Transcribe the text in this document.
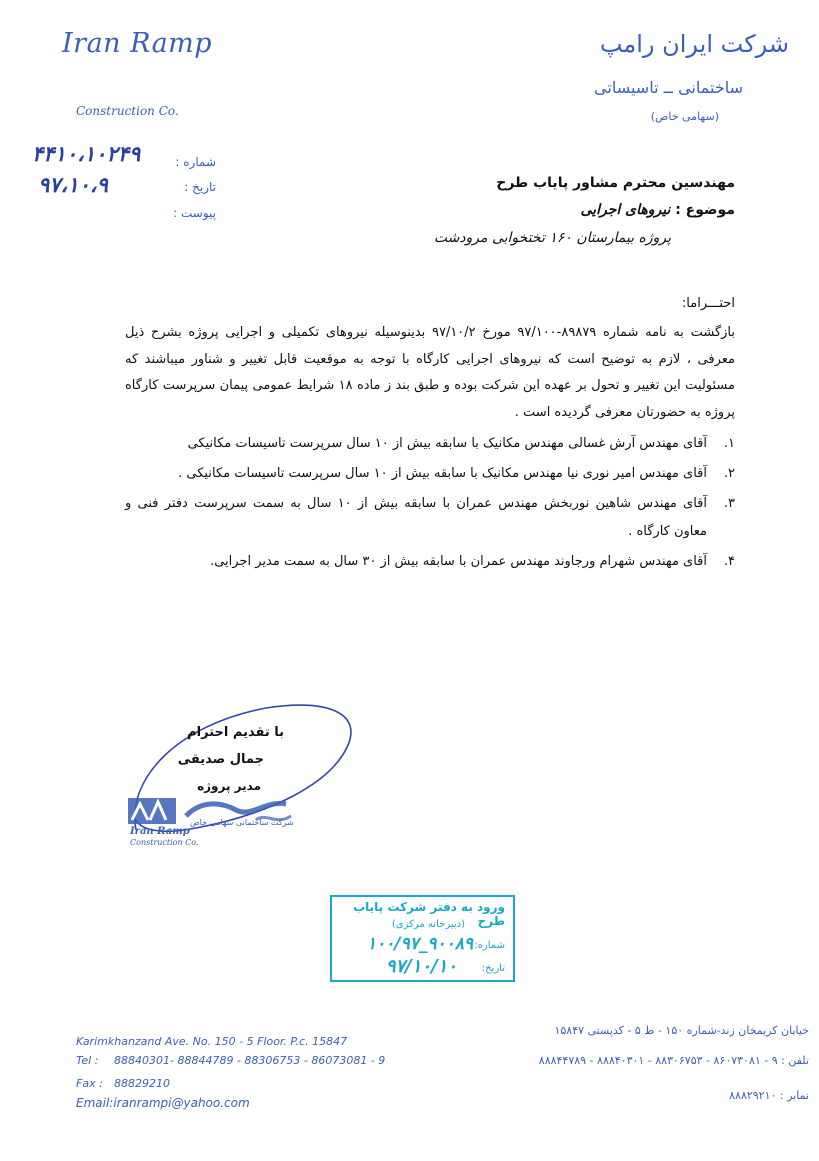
Iran Ramp
Construction Co.
شرکت ایران رامپ
ساختمانی ــ تاسیساتی
(سهامی خاص)
شماره :
تاریخ :
پیوست :
۴۴۱۰،۱۰۲۴۹
۹۷،۱۰،۹	مهندسین محترم مشاور پایاب طرح
موضوع : نیروهای اجرایی
پروژه بیمارستان ۱۶۰ تختخوابی مرودشت
احتـــراما:
بازگشت به نامه شماره ۸۹۸۷۹-۹۷/۱۰۰ مورخ ۹۷/۱۰/۲ بدینوسیله نیروهای تکمیلی و اجرایی پروژه بشرح ذیل معرفی ، لازم به توضیح است که نیروهای اجرایی کارگاه با توجه به موقعیت قابل تغییر و شناور میباشند که مسئولیت این تغییر و تحول بر عهده این شرکت بوده و طبق بند ز ماده ۱۸ شرایط عمومی پیمان سرپرست کارگاه پروژه به حضورتان معرفی گردیده است .
۱.
آقای مهندس آرش غسالی مهندس مکانیک با سابقه بیش از ۱۰ سال سرپرست تاسیسات مکانیکی
۲.
آقای مهندس امیر نوری نیا مهندس مکانیک با سابقه بیش از ۱۰ سال سرپرست تاسیسات مکانیکی .
۳.
آقای مهندس شاهین نوربخش مهندس عمران با سابقه بیش از ۱۰ سال به سمت سرپرست دفتر فنی و معاون کارگاه .
۴.
آقای مهندس شهرام ورجاوند مهندس عمران با سابقه بیش از ۳۰ سال به سمت مدیر اجرایی.
با تقدیم احترام
جمال صدیقی
مدیر پروژه
Iran Ramp
Construction Co.
شرکت ساختمانی سهامی خاص
ورود به دفتر شرکت پایاب طرح
(دبیرخانه مرکزی)
شماره:
تاریخ:
۱۰۰/۹۷_۹۰۰۸۹
۹۷/۱۰/۱۰
Karimkhanzand Ave. No. 150 - 5 Floor. P.c. 15847
Tel : 88840301- 88844789 - 88306753 - 86073081 - 9
Fax : 88829210
Email:iranrampi@yahoo.com
خیابان کریمخان زند-شماره ۱۵۰ - ط ۵ - کدپستی ۱۵۸۴۷
تلفن : ۹ - ۸۶۰۷۳۰۸۱ - ۸۸۳۰۶۷۵۳ - ۸۸۸۴۰۳۰۱ - ۸۸۸۴۴۷۸۹
نمابر : ۸۸۸۲۹۲۱۰
